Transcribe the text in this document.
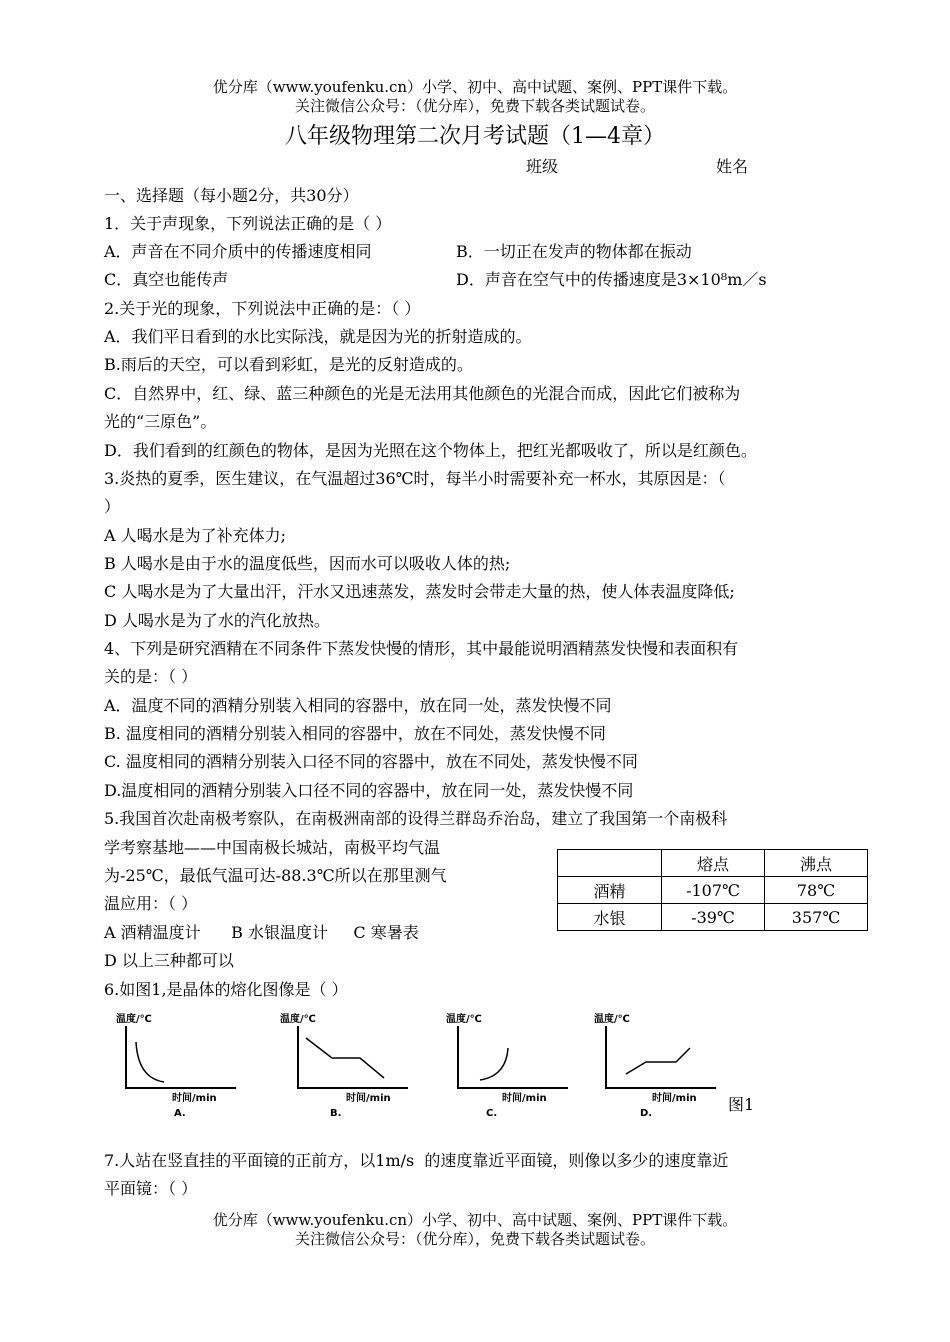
优分库（www.youfenku.cn）小学、初中、高中试题、案例、PPT课件下载。
关注微信公众号：（优分库），免费下载各类试题试卷。
八年级物理第二次月考试题（1—4章）
班级	姓名
一、选择题（每小题2分，共30分）
1．关于声现象，下列说法正确的是（ ）
A．声音在不同介质中的传播速度相同	B．一切正在发声的物体都在振动
C．真空也能传声	D．声音在空气中的传播速度是3×10⁸m／s
2.关于光的现象，下列说法中正确的是：（ ）
A．我们平日看到的水比实际浅，就是因为光的折射造成的。
B.雨后的天空，可以看到彩虹，是光的反射造成的。
C．自然界中，红、绿、蓝三种颜色的光是无法用其他颜色的光混合而成，因此它们被称为
光的“三原色”。
D．我们看到的红颜色的物体，是因为光照在这个物体上，把红光都吸收了，所以是红颜色。
3.炎热的夏季，医生建议，在气温超过36℃时，每半小时需要补充一杯水，其原因是：（
）
A 人喝水是为了补充体力;
B 人喝水是由于水的温度低些，因而水可以吸收人体的热;
C 人喝水是为了大量出汗，汗水又迅速蒸发，蒸发时会带走大量的热，使人体表温度降低;
D 人喝水是为了水的汽化放热。
4、下列是研究酒精在不同条件下蒸发快慢的情形，其中最能说明酒精蒸发快慢和表面积有
关的是：（ ）
A．温度不同的酒精分别装入相同的容器中，放在同一处，蒸发快慢不同
B. 温度相同的酒精分别装入相同的容器中，放在不同处，蒸发快慢不同
C. 温度相同的酒精分别装入口径不同的容器中，放在不同处，蒸发快慢不同
D.温度相同的酒精分别装入口径不同的容器中，放在同一处，蒸发快慢不同
5.我国首次赴南极考察队，在南极洲南部的设得兰群岛乔治岛，建立了我国第一个南极科
学考察基地——中国南极长城站，南极平均气温
为-25℃，最低气温可达-88.3℃所以在那里测气
温应用：（ ）
A 酒精温度计      B 水银温度计     C 寒暑表
D 以上三种都可以
	熔点	沸点
酒精	-107℃	78℃
水银	-39℃	357℃
6.如图1,是晶体的熔化图像是（ ）
温度/℃
时间/min
A.
温度/℃
时间/min
B.
温度/℃
时间/min
C.
温度/℃
时间/min
D.	图1
7.人站在竖直挂的平面镜的正前方，以1m/s  的速度靠近平面镜，则像以多少的速度靠近
平面镜：（ ）
优分库（www.youfenku.cn）小学、初中、高中试题、案例、PPT课件下载。
关注微信公众号：（优分库），免费下载各类试题试卷。
